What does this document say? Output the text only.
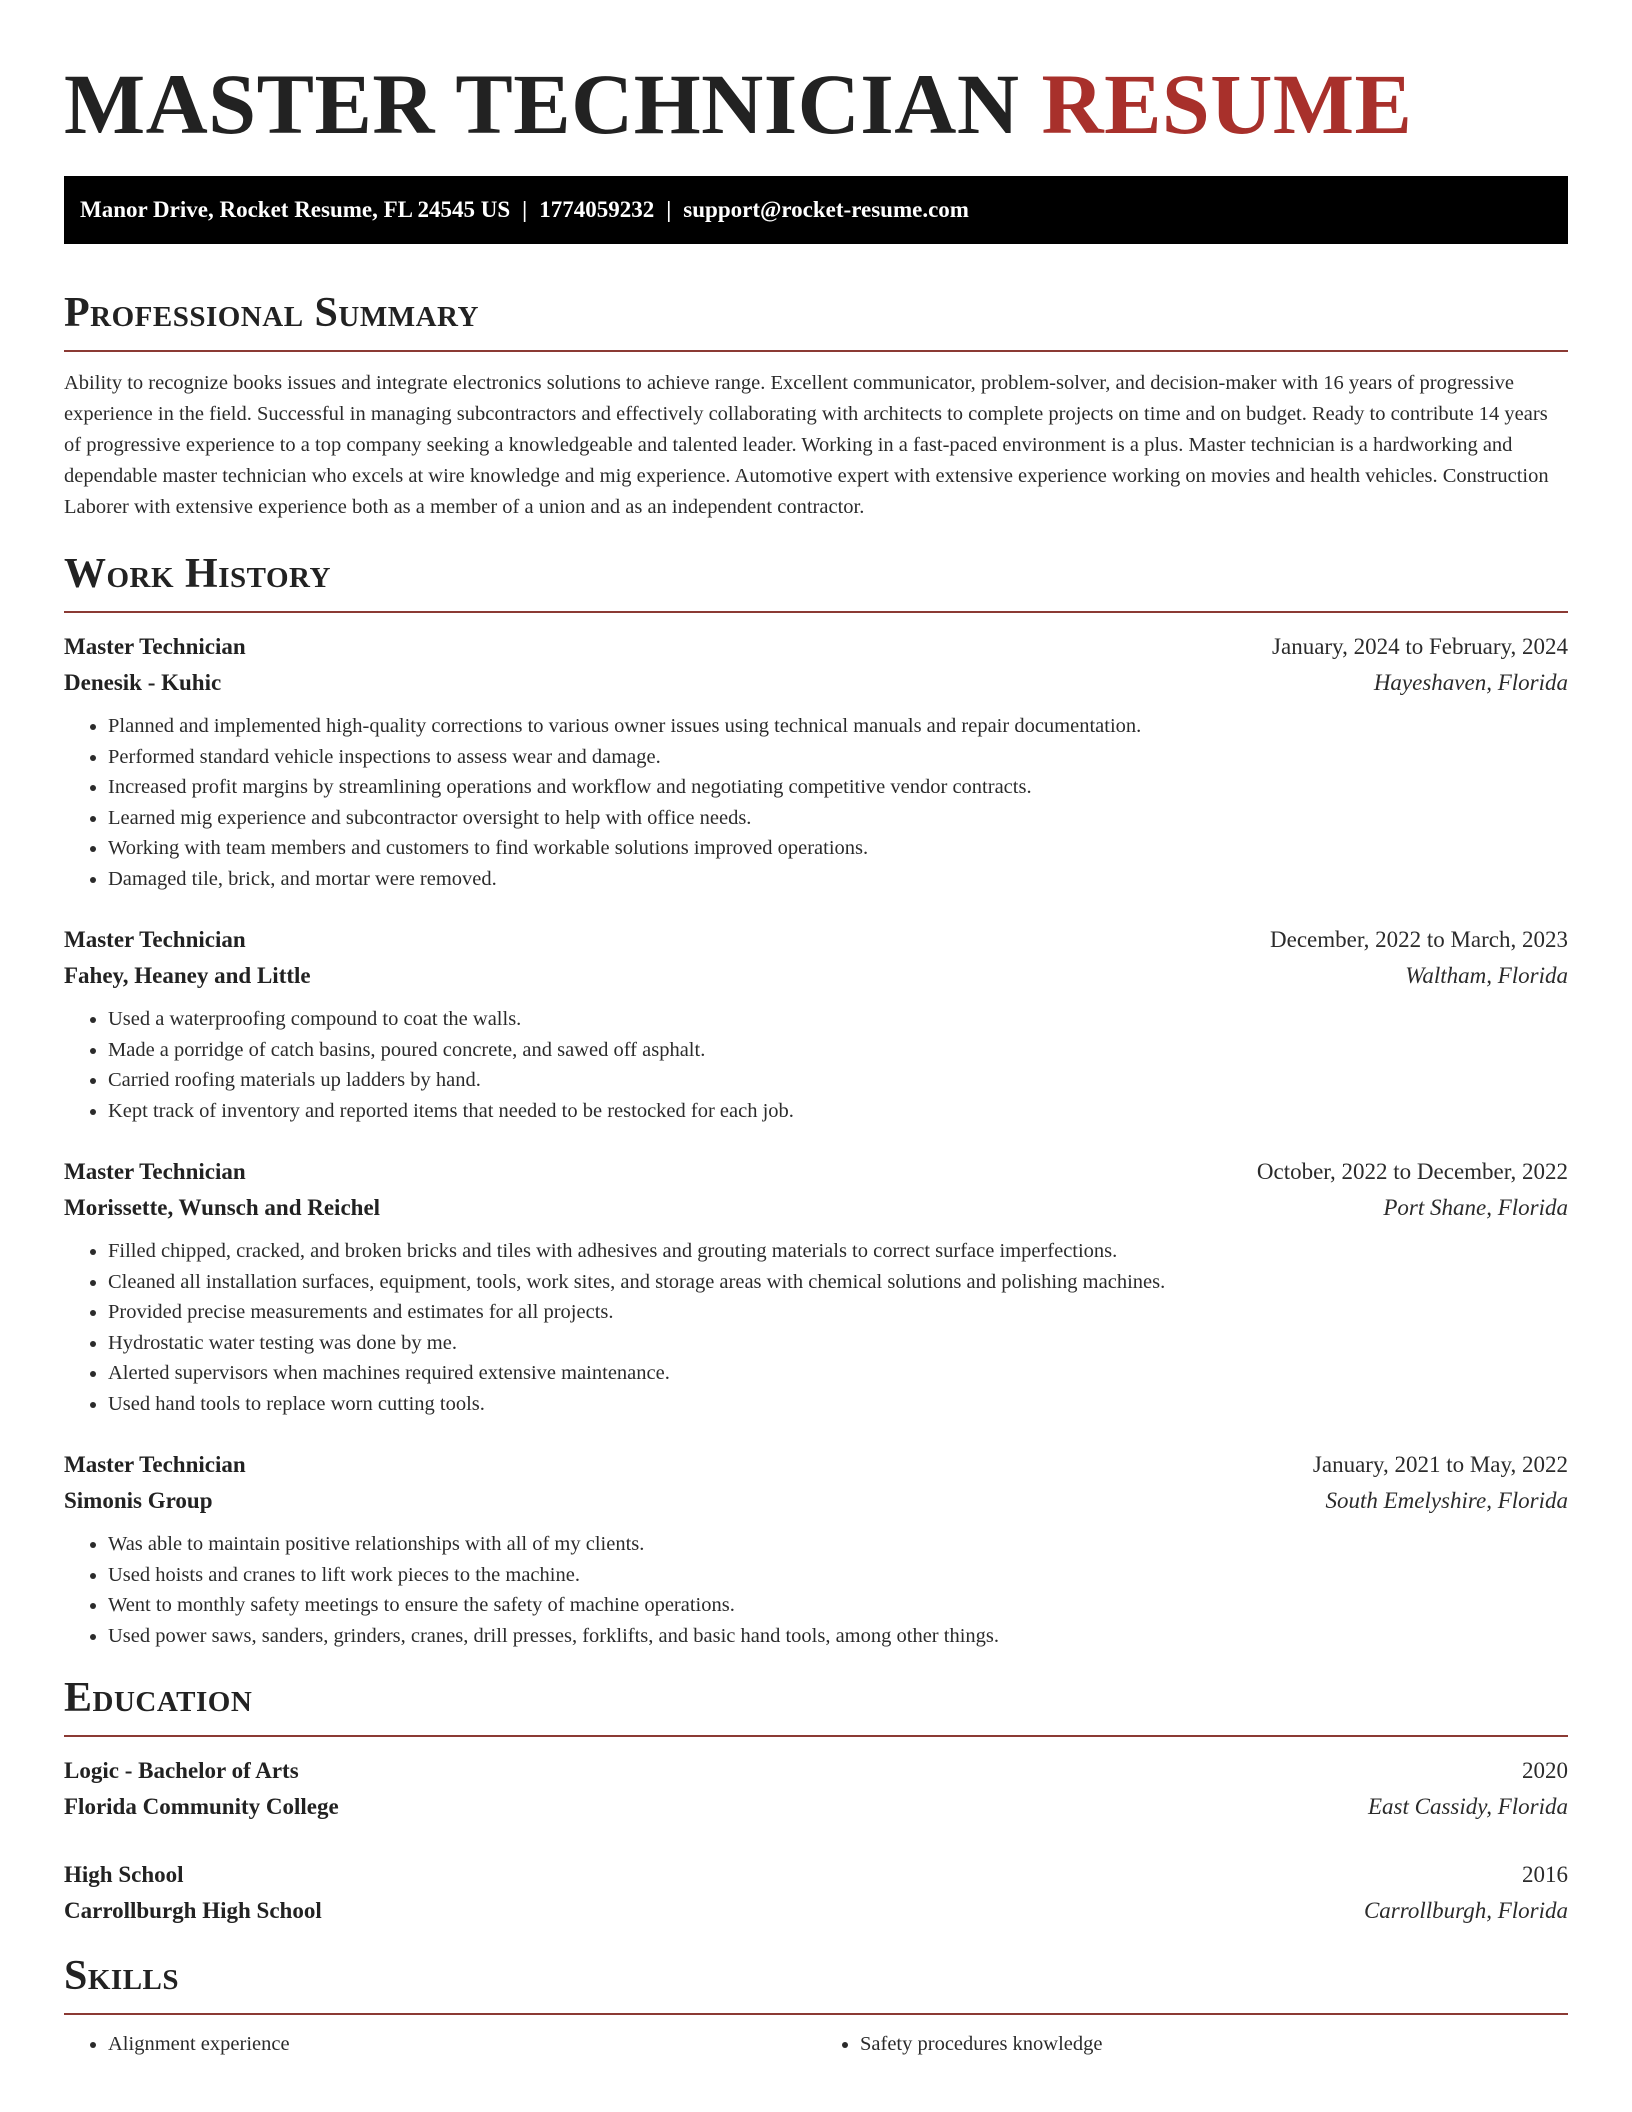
MASTER TECHNICIAN RESUME
Manor Drive, Rocket Resume, FL 24545 US | 1774059232 | support@rocket-resume.com
Professional Summary

Ability to recognize books issues and integrate electronics solutions to achieve range. Excellent communicator, problem-solver, and decision-maker with 16 years of progressive experience in the field. Successful in managing subcontractors and effectively collaborating with architects to complete projects on time and on budget. Ready to contribute 14 years of progressive experience to a top company seeking a knowledgeable and talented leader. Working in a fast-paced environment is a plus. Master technician is a hardworking and dependable master technician who excels at wire knowledge and mig experience. Automotive expert with extensive experience working on movies and health vehicles. Construction Laborer with extensive experience both as a member of a union and as an independent contractor.

Work History
Master Technician	January, 2024 to February, 2024
Denesik - Kuhic	Hayeshaven, Florida
• Planned and implemented high-quality corrections to various owner issues using technical manuals and repair documentation.
• Performed standard vehicle inspections to assess wear and damage.
• Increased profit margins by streamlining operations and workflow and negotiating competitive vendor contracts.
• Learned mig experience and subcontractor oversight to help with office needs.
• Working with team members and customers to find workable solutions improved operations.
• Damaged tile, brick, and mortar were removed.
Master Technician	December, 2022 to March, 2023
Fahey, Heaney and Little	Waltham, Florida
• Used a waterproofing compound to coat the walls.
• Made a porridge of catch basins, poured concrete, and sawed off asphalt.
• Carried roofing materials up ladders by hand.
• Kept track of inventory and reported items that needed to be restocked for each job.
Master Technician	October, 2022 to December, 2022
Morissette, Wunsch and Reichel	Port Shane, Florida
• Filled chipped, cracked, and broken bricks and tiles with adhesives and grouting materials to correct surface imperfections.
• Cleaned all installation surfaces, equipment, tools, work sites, and storage areas with chemical solutions and polishing machines.
• Provided precise measurements and estimates for all projects.
• Hydrostatic water testing was done by me.
• Alerted supervisors when machines required extensive maintenance.
• Used hand tools to replace worn cutting tools.
Master Technician	January, 2021 to May, 2022
Simonis Group	South Emelyshire, Florida
• Was able to maintain positive relationships with all of my clients.
• Used hoists and cranes to lift work pieces to the machine.
• Went to monthly safety meetings to ensure the safety of machine operations.
• Used power saws, sanders, grinders, cranes, drill presses, forklifts, and basic hand tools, among other things.
Education
Logic - Bachelor of Arts	2020
Florida Community College	East Cassidy, Florida
High School	2016
Carrollburgh High School	Carrollburgh, Florida
Skills
• Alignment experience
•	Safety procedures knowledge
